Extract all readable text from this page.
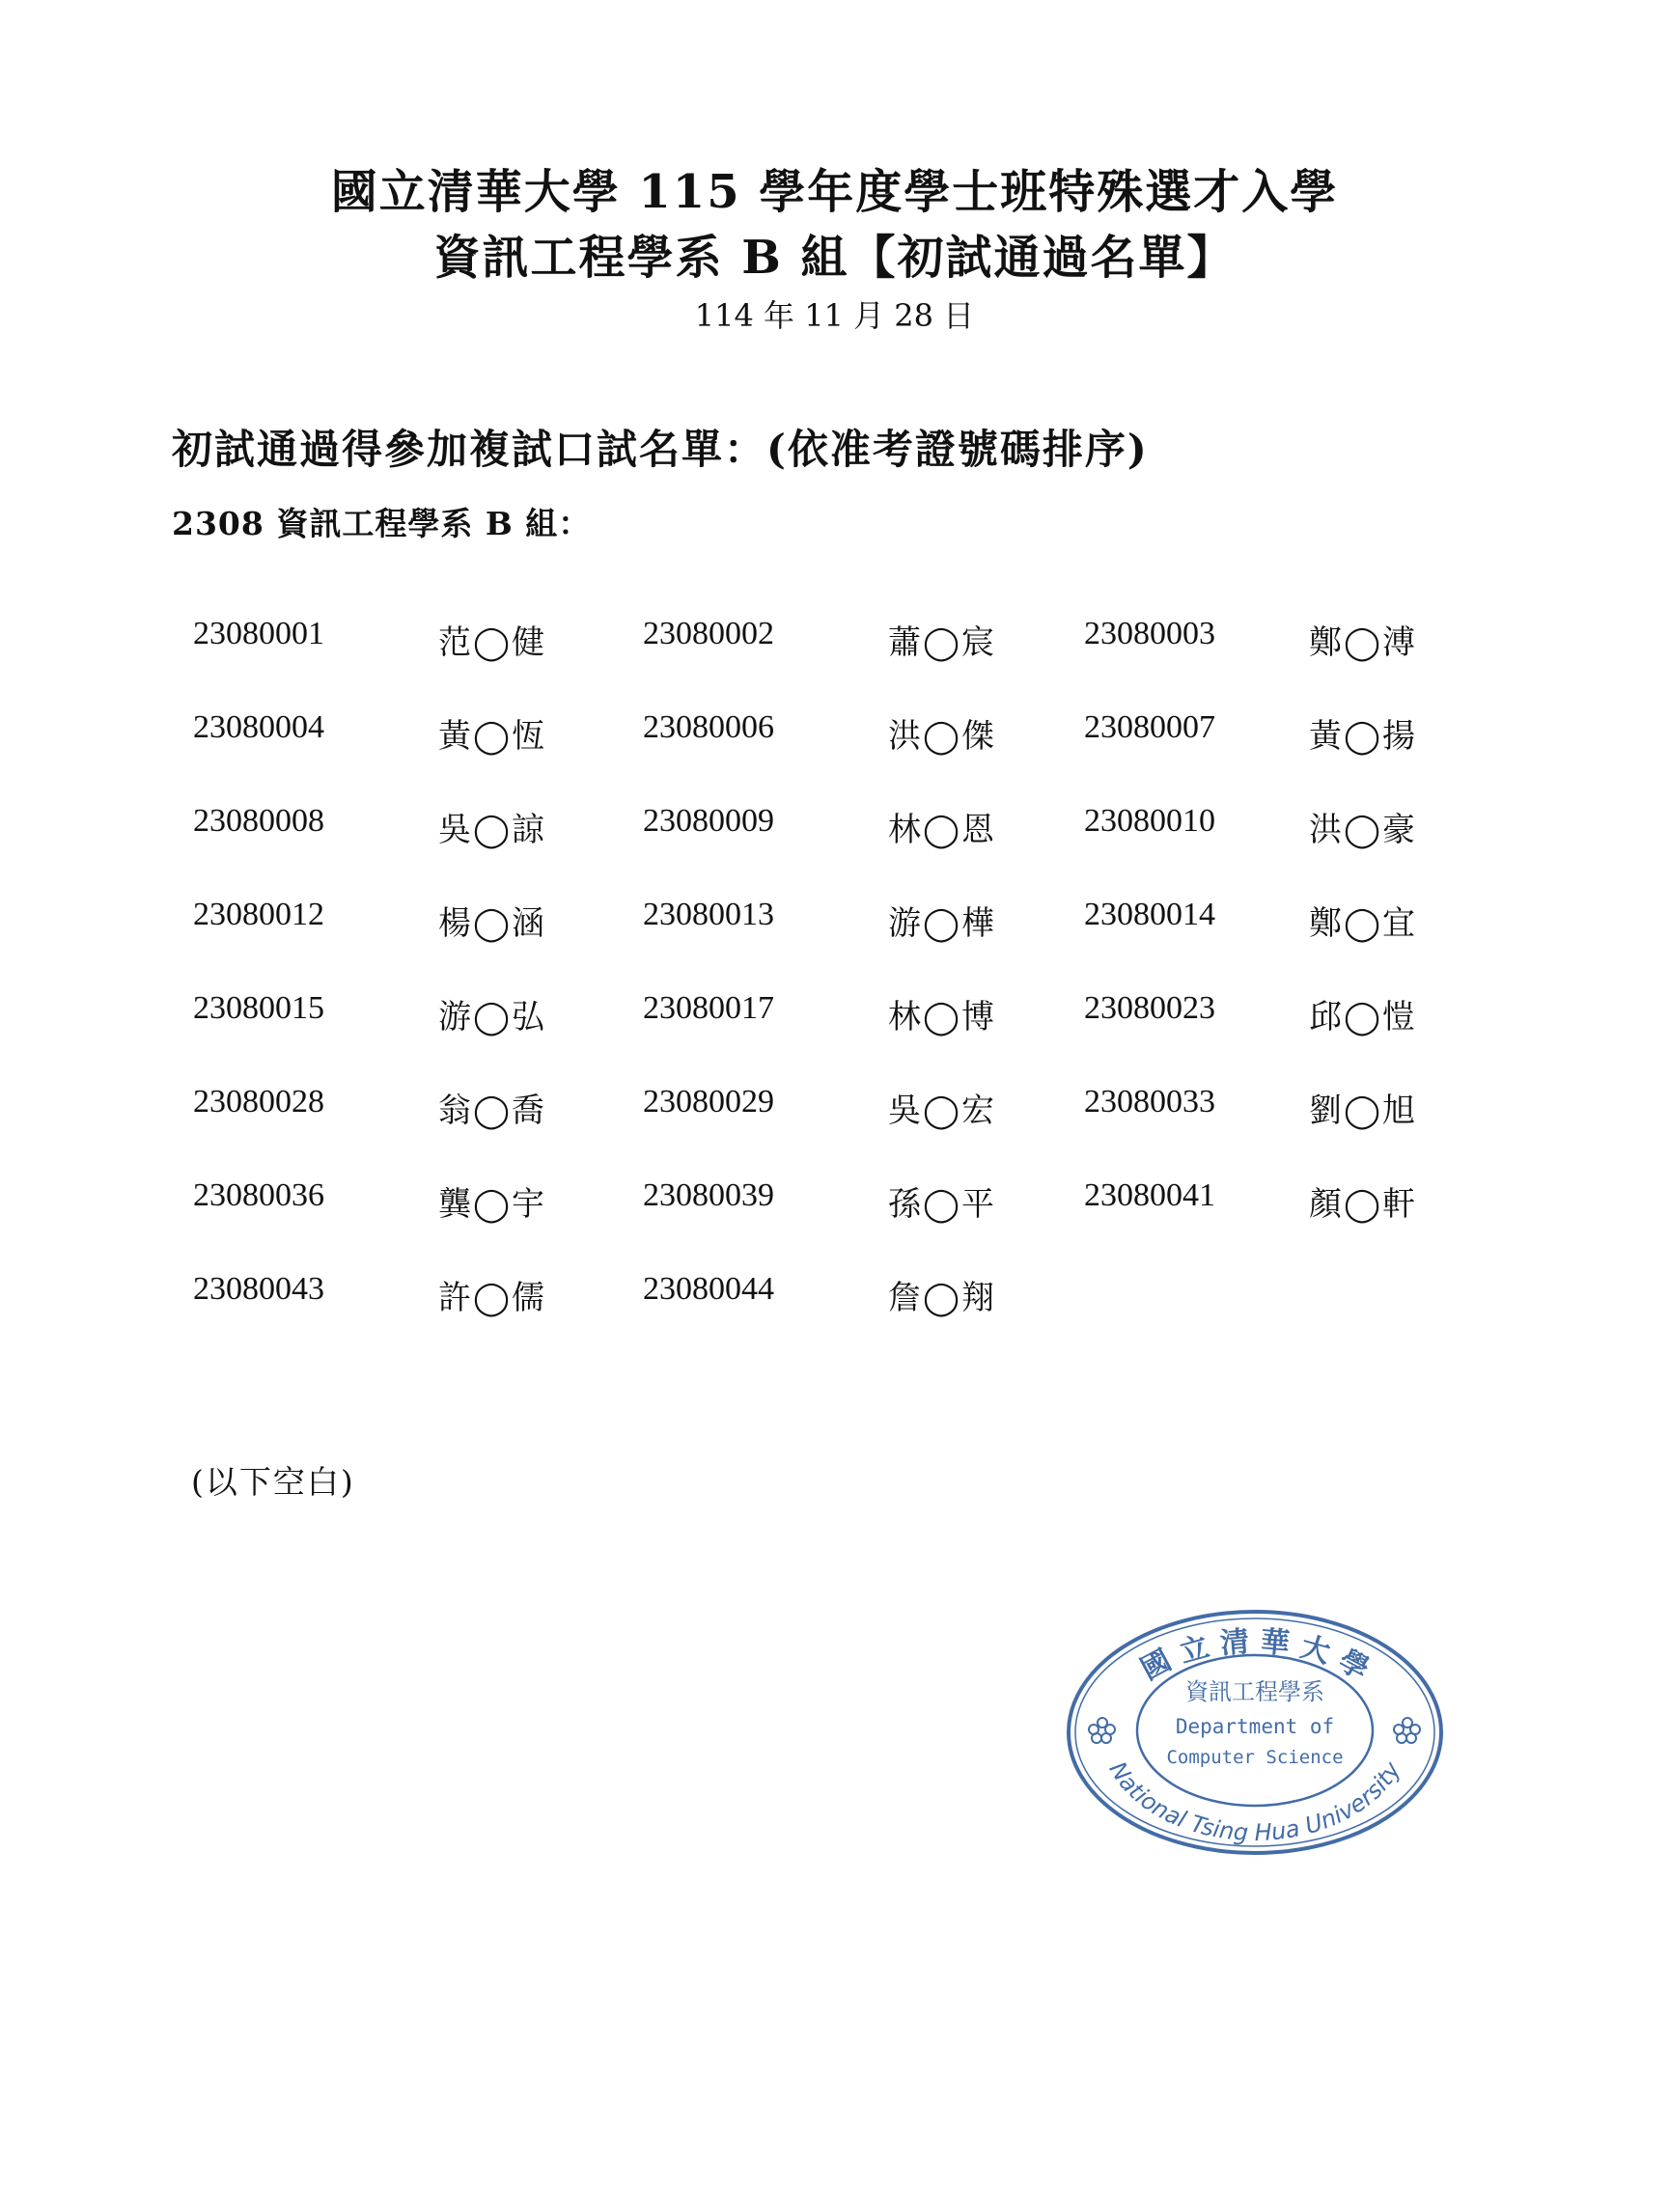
國立清華大學 115 學年度學士班特殊選才入學
資訊工程學系 B 組【初試通過名單】
114 年 11 月 28 日
初試通過得參加複試口試名單：(依准考證號碼排序)
2308 資訊工程學系 B 組：
23080001	范◯健	23080002	蕭◯宸	23080003	鄭◯溥
23080004	黃◯恆	23080006	洪◯傑	23080007	黃◯揚
23080008	吳◯諒	23080009	林◯恩	23080010	洪◯豪
23080012	楊◯涵	23080013	游◯樺	23080014	鄭◯宜
23080015	游◯弘	23080017	林◯博	23080023	邱◯愷
23080028	翁◯喬	23080029	吳◯宏	23080033	劉◯旭
23080036	龔◯宇	23080039	孫◯平	23080041	顏◯軒
23080043	許◯儒	23080044	詹◯翔
(以下空白)
國 立 清 華 大 學
National Tsing Hua University
資訊工程學系
Department of
Computer Science
